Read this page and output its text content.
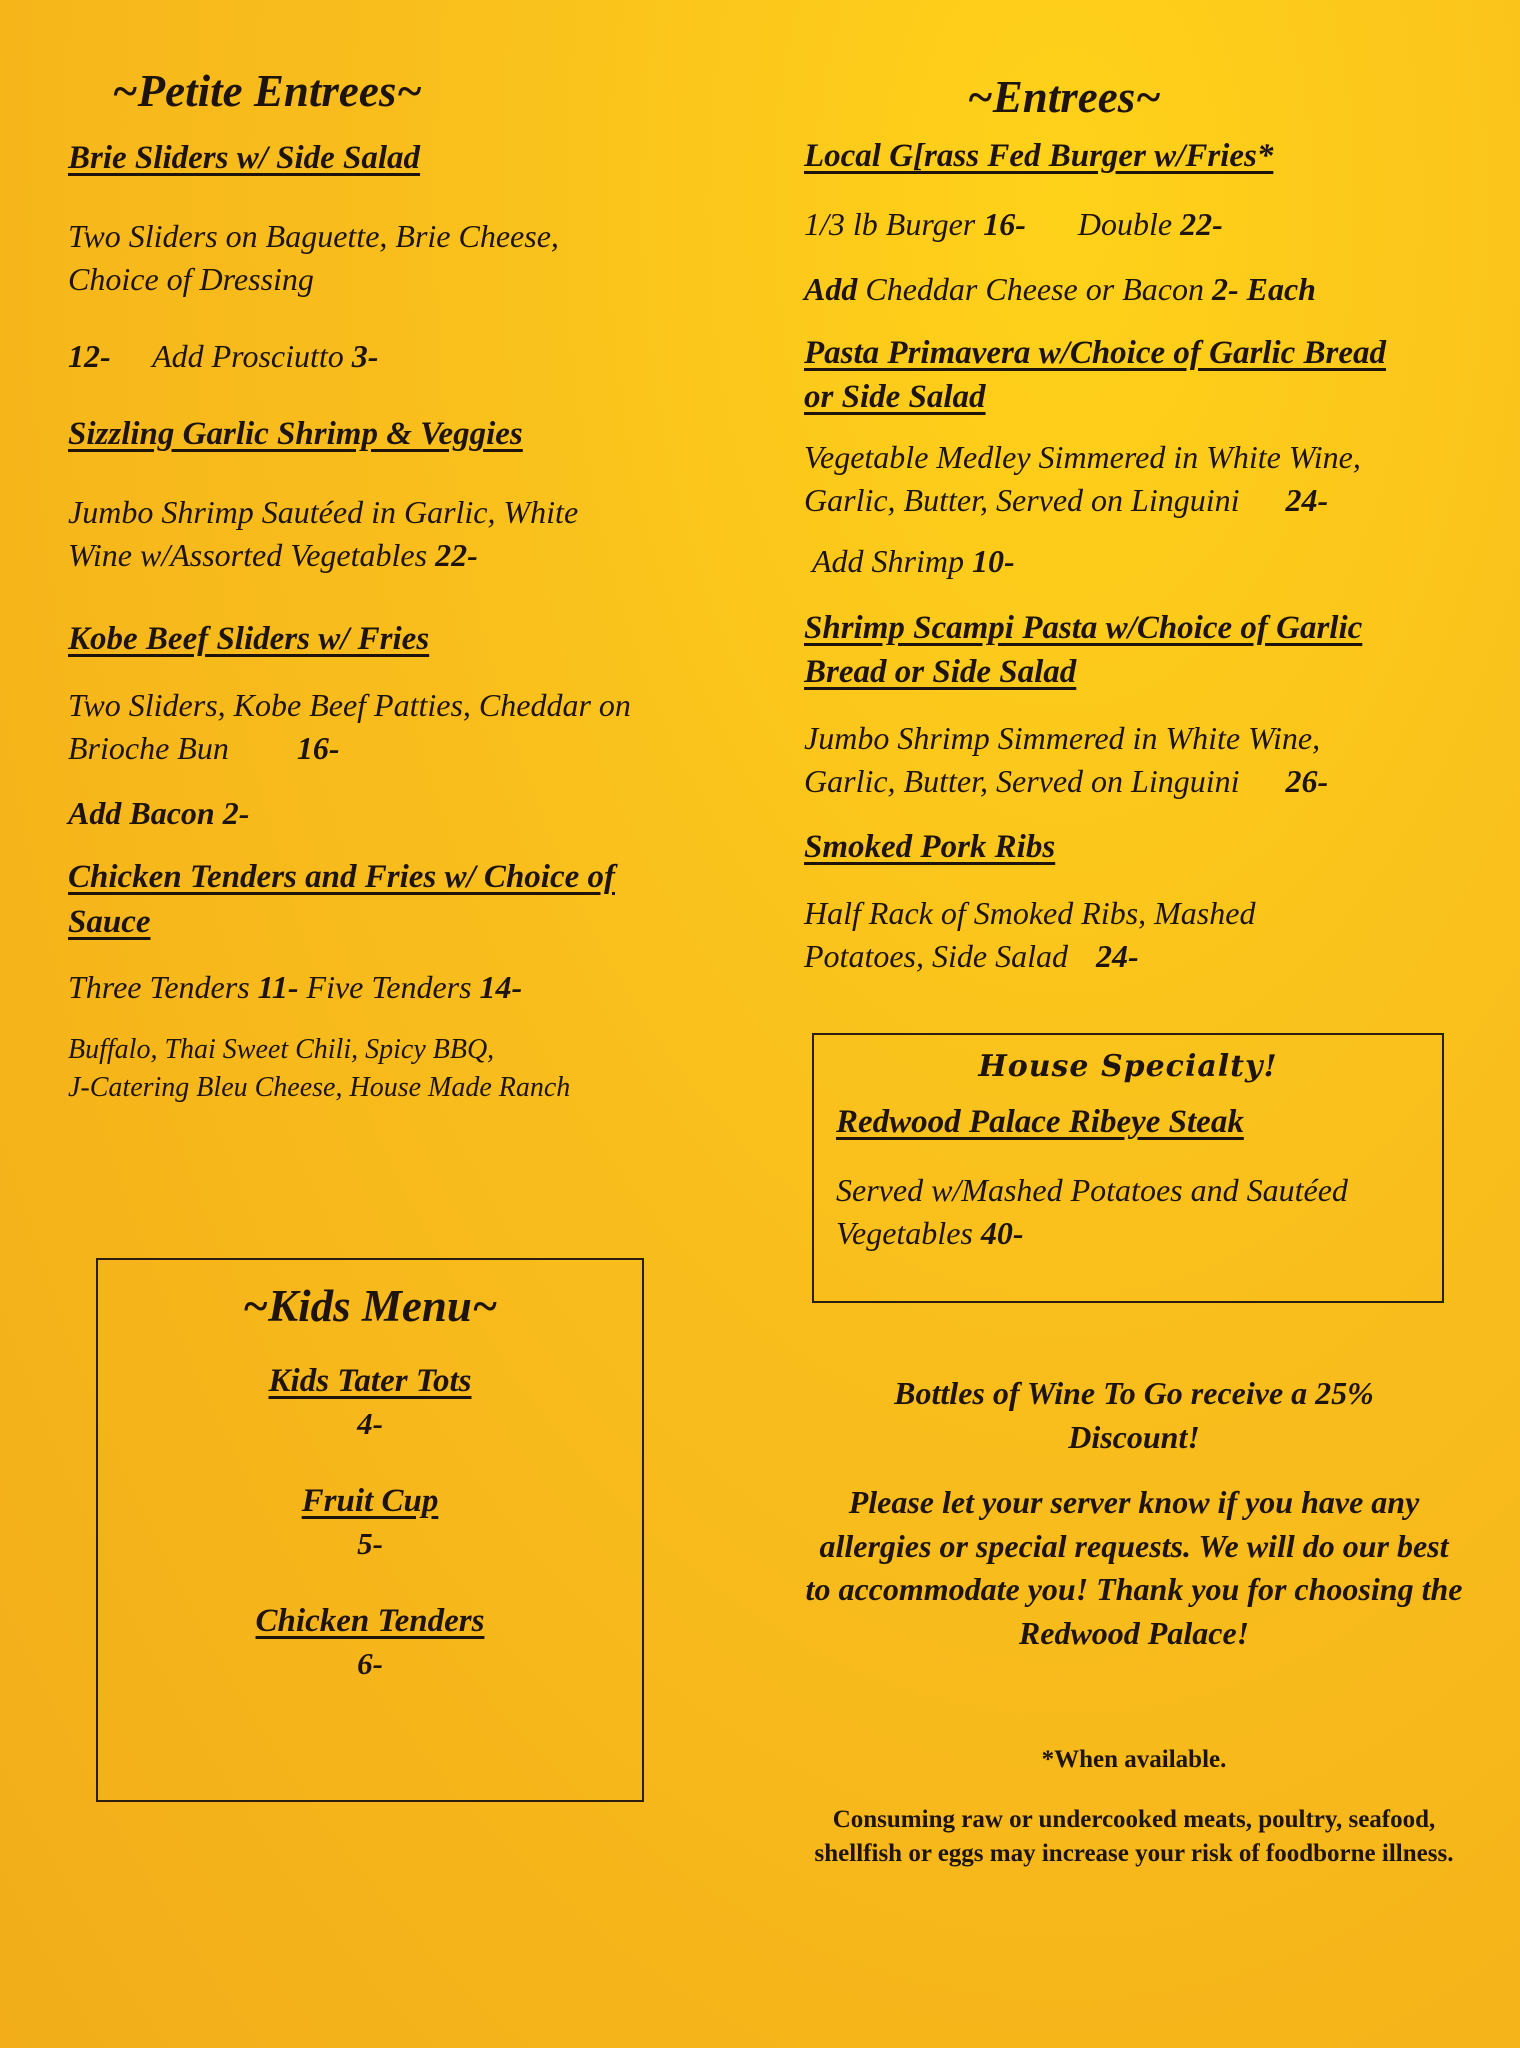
~Petite Entrees~

Brie Sliders w/ Side Salad

Two Sliders on Baguette, Brie Cheese,
Choice of Dressing

12- Add Prosciutto 3-

Sizzling Garlic Shrimp & Veggies

Jumbo Shrimp Sautéed in Garlic, White
Wine w/Assorted Vegetables 22-

Kobe Beef Sliders w/ Fries

Two Sliders, Kobe Beef Patties, Cheddar on
Brioche Bun 16-

Add Bacon 2-

Chicken Tenders and Fries w/ Choice of
Sauce

Three Tenders 11- Five Tenders 14-

Buffalo, Thai Sweet Chili, Spicy BBQ,
J-Catering Bleu Cheese, House Made Ranch

~Kids Menu~

Kids Tater Tots

4-

Fruit Cup

5-

Chicken Tenders

6-

~Entrees~

Local G[rass Fed Burger w/Fries*

1/3 lb Burger 16- Double 22-

Add Cheddar Cheese or Bacon 2- Each

Pasta Primavera w/Choice of Garlic Bread
or Side Salad

Vegetable Medley Simmered in White Wine,
Garlic, Butter, Served on Linguini 24-

Add Shrimp 10-

Shrimp Scampi Pasta w/Choice of Garlic
Bread or Side Salad

Jumbo Shrimp Simmered in White Wine,
Garlic, Butter, Served on Linguini 26-

Smoked Pork Ribs

Half Rack of Smoked Ribs, Mashed
Potatoes, Side Salad 24-

House Specialty!

Redwood Palace Ribeye Steak

Served w/Mashed Potatoes and Sautéed
Vegetables 40-

Bottles of Wine To Go receive a 25% Discount!

Please let your server know if you have any allergies or special requests. We will do our best to accommodate you! Thank you for choosing the Redwood Palace!

*When available.

Consuming raw or undercooked meats, poultry, seafood, shellfish or eggs may increase your risk of foodborne illness.
